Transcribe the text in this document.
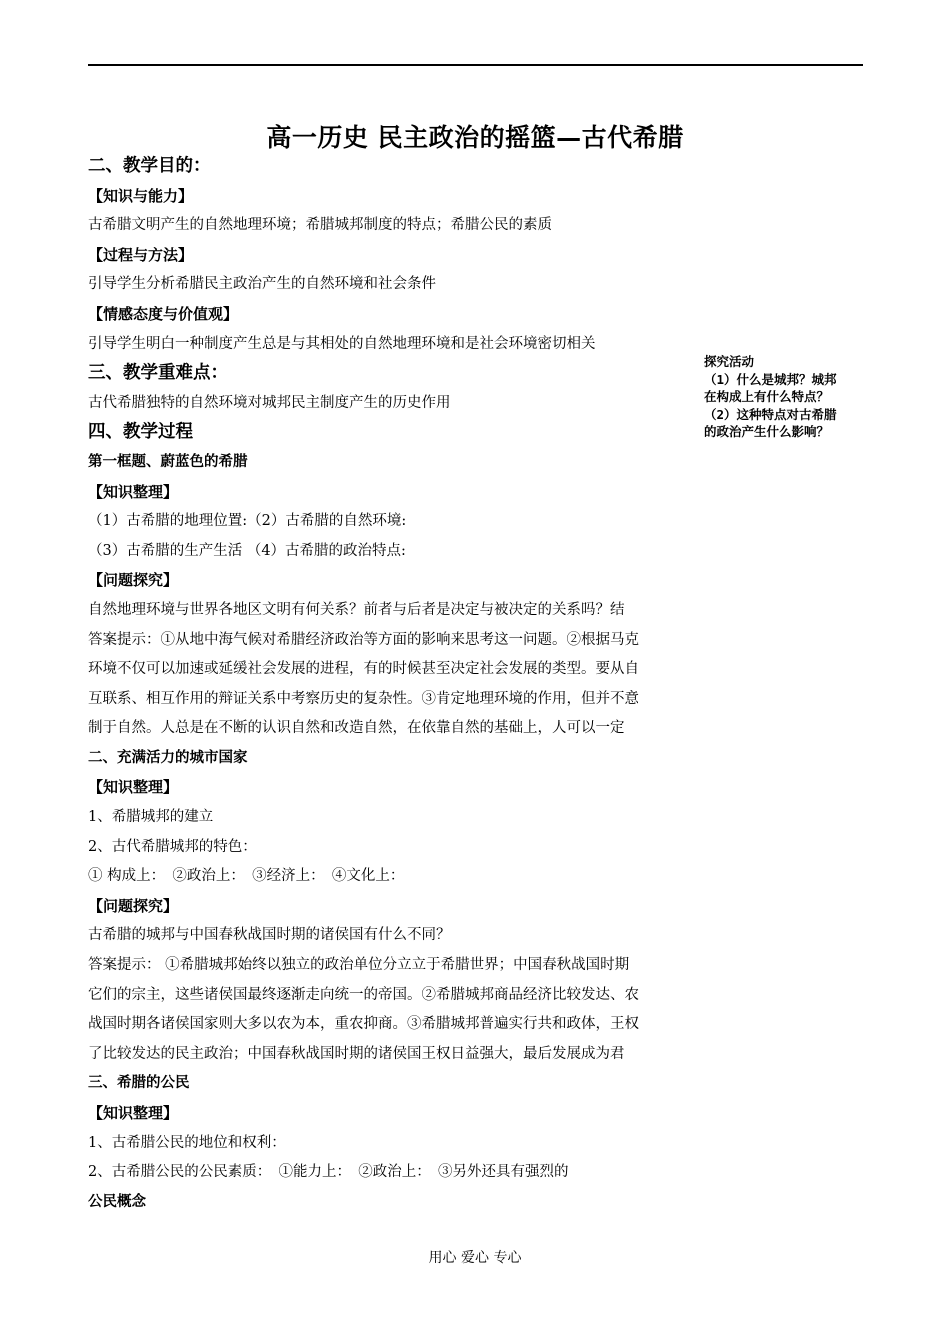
高一历史 民主政治的摇篮—古代希腊
二、教学目的：
【知识与能力】
古希腊文明产生的自然地理环境；希腊城邦制度的特点；希腊公民的素质
【过程与方法】
引导学生分析希腊民主政治产生的自然环境和社会条件
【情感态度与价值观】
引导学生明白一种制度产生总是与其相处的自然地理环境和是社会环境密切相关
三、教学重难点：
古代希腊独特的自然环境对城邦民主制度产生的历史作用
四、教学过程
第一框题、蔚蓝色的希腊
【知识整理】
（1）古希腊的地理位置:（2）古希腊的自然环境:
（3）古希腊的生产生活 （4）古希腊的政治特点:
【问题探究】
自然地理环境与世界各地区文明有何关系？前者与后者是决定与被决定的关系吗？结
答案提示：①从地中海气候对希腊经济政治等方面的影响来思考这一问题。②根据马克
环境不仅可以加速或延缓社会发展的进程，有的时候甚至决定社会发展的类型。要从自
互联系、相互作用的辩证关系中考察历史的复杂性。③肯定地理环境的作用，但并不意
制于自然。人总是在不断的认识自然和改造自然，在依靠自然的基础上，人可以一定
二、充满活力的城市国家
【知识整理】
1、希腊城邦的建立
2、古代希腊城邦的特色：
① 构成上：　②政治上：　③经济上：　④文化上：
【问题探究】
古希腊的城邦与中国春秋战国时期的诸侯国有什么不同？
答案提示： ①希腊城邦始终以独立的政治单位分立立于希腊世界；中国春秋战国时期
它们的宗主，这些诸侯国最终逐渐走向统一的帝国。②希腊城邦商品经济比较发达、农
战国时期各诸侯国家则大多以农为本，重农抑商。③希腊城邦普遍实行共和政体，王权
了比较发达的民主政治；中国春秋战国时期的诸侯国王权日益强大，最后发展成为君
三、希腊的公民
【知识整理】
1、古希腊公民的地位和权利：
2、古希腊公民的公民素质：　①能力上：　②政治上：　③另外还具有强烈的
公民概念
探究活动
（1）什么是城邦？城邦
在构成上有什么特点？
（2）这种特点对古希腊
的政治产生什么影响？
用心 爱心 专心
